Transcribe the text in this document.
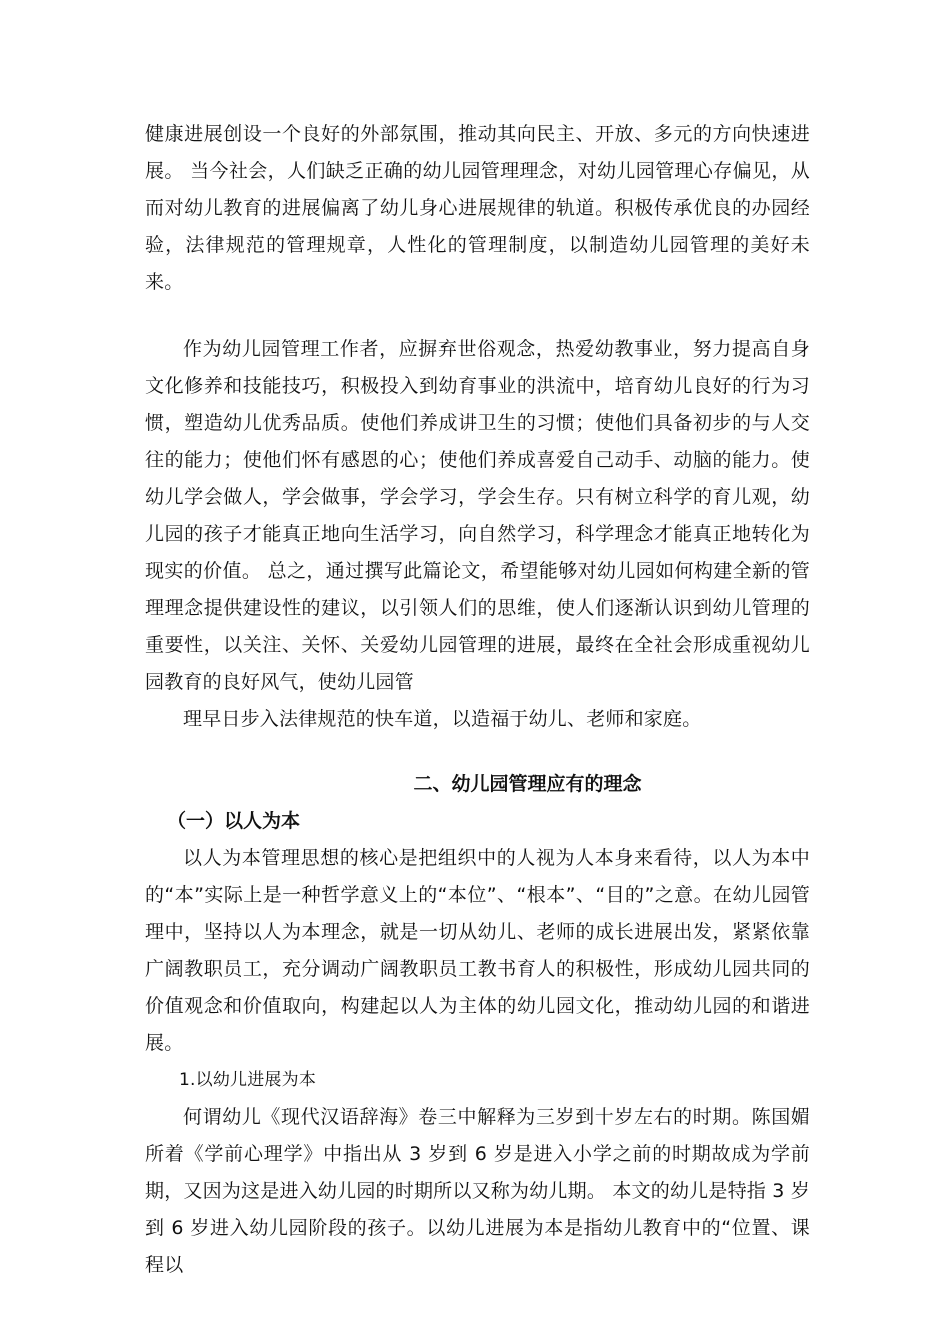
健康进展创设一个良好的外部氛围，推动其向民主、开放、多元的方向快速进展。 当今社会，人们缺乏正确的幼儿园管理理念，对幼儿园管理心存偏见，从而对幼儿教育的进展偏离了幼儿身心进展规律的轨道。积极传承优良的办园经验，法律规范的管理规章，人性化的管理制度，以制造幼儿园管理的美好未来。

作为幼儿园管理工作者，应摒弃世俗观念，热爱幼教事业，努力提高自身文化修养和技能技巧，积极投入到幼育事业的洪流中，培育幼儿良好的行为习惯，塑造幼儿优秀品质。使他们养成讲卫生的习惯；使他们具备初步的与人交往的能力；使他们怀有感恩的心；使他们养成喜爱自己动手、动脑的能力。使幼儿学会做人，学会做事，学会学习，学会生存。只有树立科学的育儿观，幼儿园的孩子才能真正地向生活学习，向自然学习，科学理念才能真正地转化为现实的价值。 总之，通过撰写此篇论文，希望能够对幼儿园如何构建全新的管理理念提供建设性的建议，以引领人们的思维，使人们逐渐认识到幼儿管理的重要性，以关注、关怀、关爱幼儿园管理的进展，最终在全社会形成重视幼儿园教育的良好风气，使幼儿园管

理早日步入法律规范的快车道，以造福于幼儿、老师和家庭。

二、幼儿园管理应有的理念
（一）以人为本

以人为本管理思想的核心是把组织中的人视为人本身来看待，以人为本中的“本”实际上是一种哲学意义上的“本位”、“根本”、“目的”之意。在幼儿园管理中，坚持以人为本理念，就是一切从幼儿、老师的成长进展出发，紧紧依靠广阔教职员工，充分调动广阔教职员工教书育人的积极性，形成幼儿园共同的价值观念和价值取向，构建起以人为主体的幼儿园文化，推动幼儿园的和谐进展。

1.以幼儿进展为本

何谓幼儿《现代汉语辞海》卷三中解释为三岁到十岁左右的时期。陈国媚所着《学前心理学》中指出从 3 岁到 6 岁是进入小学之前的时期故成为学前期，又因为这是进入幼儿园的时期所以又称为幼儿期。 本文的幼儿是特指 3 岁到 6 岁进入幼儿园阶段的孩子。以幼儿进展为本是指幼儿教育中的“位置、课程以
